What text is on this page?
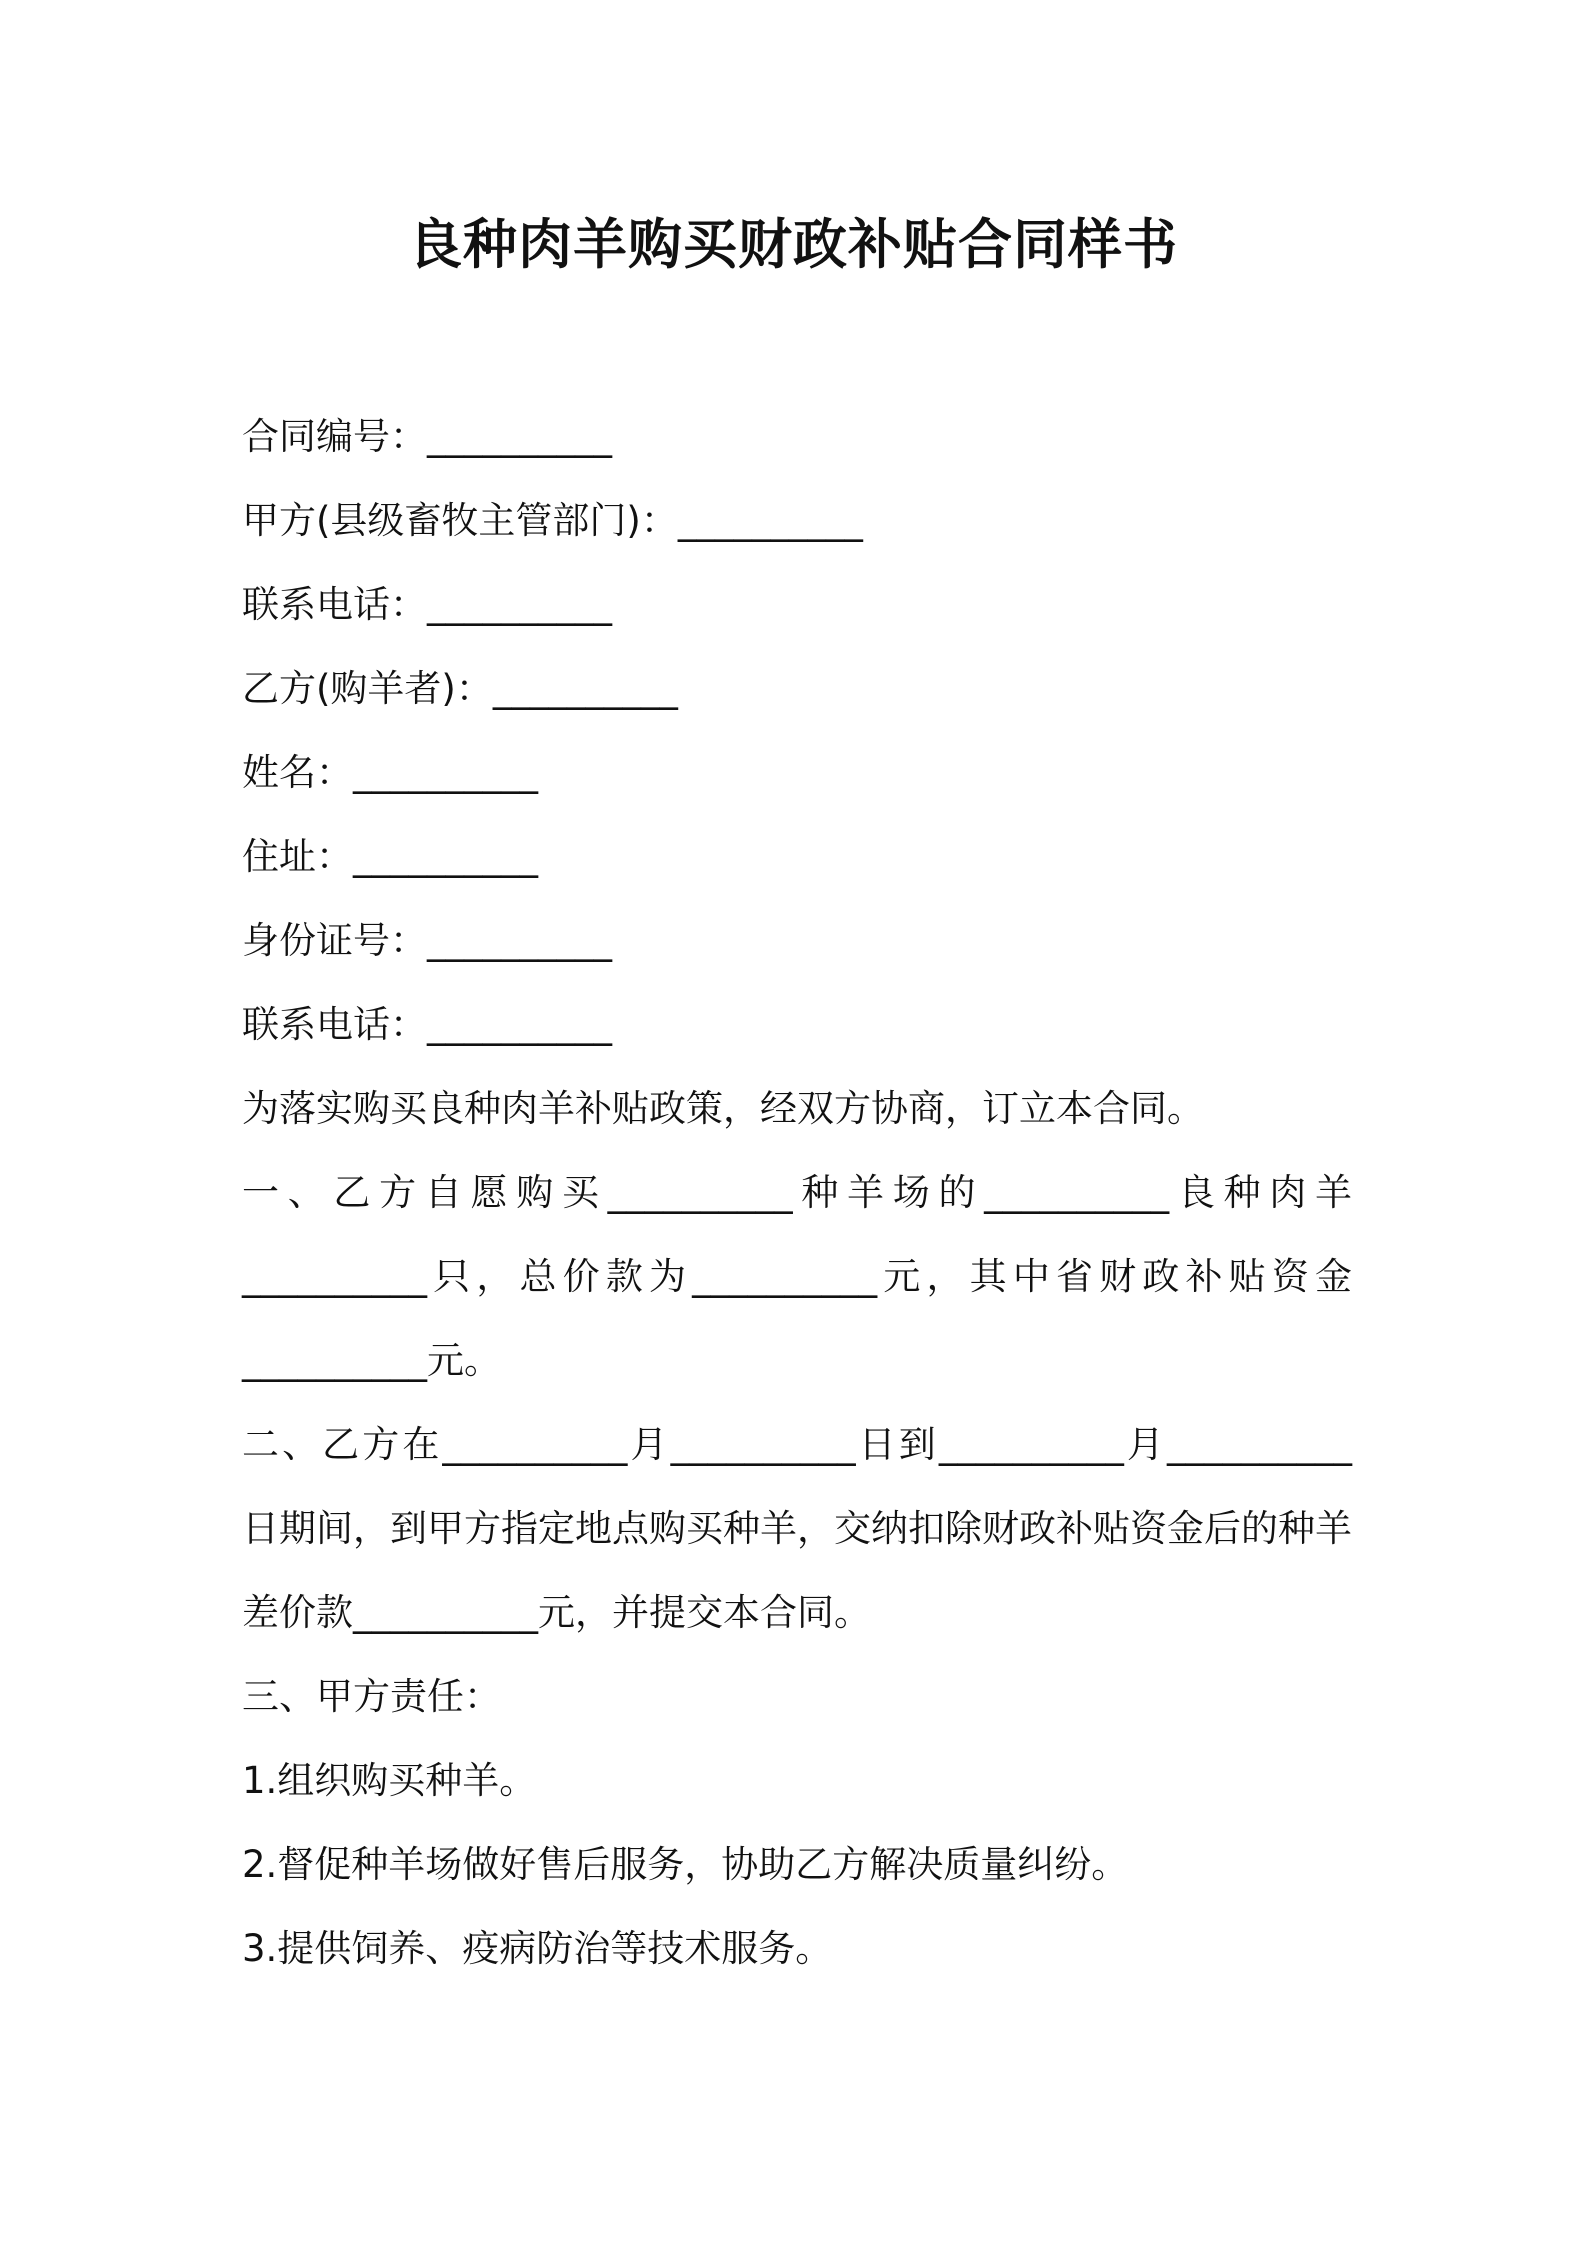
良种肉羊购买财政补贴合同样书
合同编号：__________
甲方(县级畜牧主管部门)：__________
联系电话：__________
乙方(购羊者)：__________
姓名：__________
住址：__________
身份证号：__________
联系电话：__________
为落实购买良种肉羊补贴政策，经双方协商，订立本合同。
一、乙方自愿购买__________种羊场的__________良种肉羊
__________只，总价款为__________元，其中省财政补贴资金
__________元。
二、乙方在__________月__________日到__________月__________
日期间，到甲方指定地点购买种羊，交纳扣除财政补贴资金后的种羊
差价款__________元，并提交本合同。
三、甲方责任：
1.组织购买种羊。
2.督促种羊场做好售后服务，协助乙方解决质量纠纷。
3.提供饲养、疫病防治等技术服务。
